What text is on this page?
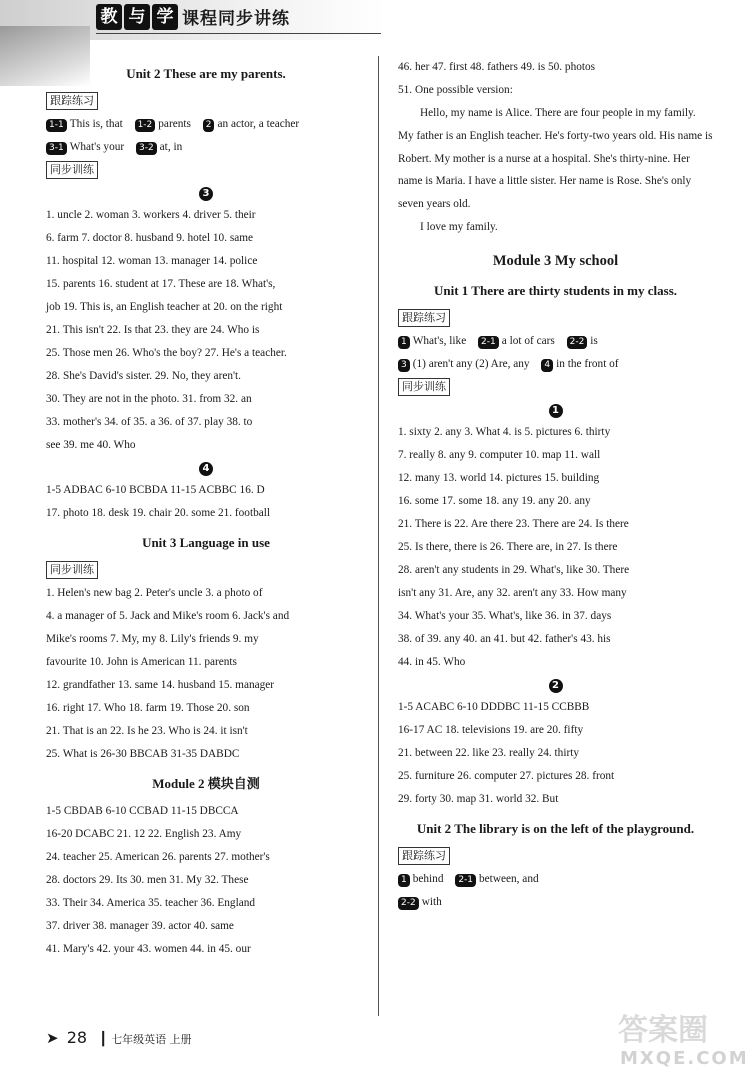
教 与 学 课程同步讲练
Unit 2 These are my parents.
跟踪练习
1-1 This is, that 1-2 parents 2 an actor, a teacher
3-1 What's your 3-2 at, in
同步训练
3
1. uncle 2. woman 3. workers 4. driver 5. their
6. farm 7. doctor 8. husband 9. hotel 10. same
11. hospital 12. woman 13. manager 14. police
15. parents 16. student at 17. These are 18. What's,
job 19. This is, an English teacher at 20. on the right
21. This isn't 22. Is that 23. they are 24. Who is
25. Those men 26. Who's the boy? 27. He's a teacher.
28. She's David's sister. 29. No, they aren't.
30. They are not in the photo. 31. from 32. an
33. mother's 34. of 35. a 36. of 37. play 38. to
see 39. me 40. Who
4
1-5 ADBAC 6-10 BCBDA 11-15 ACBBC 16. D
17. photo 18. desk 19. chair 20. some 21. football
Unit 3 Language in use
同步训练
1. Helen's new bag 2. Peter's uncle 3. a photo of
4. a manager of 5. Jack and Mike's room 6. Jack's and
Mike's rooms 7. My, my 8. Lily's friends 9. my
favourite 10. John is American 11. parents
12. grandfather 13. same 14. husband 15. manager
16. right 17. Who 18. farm 19. Those 20. son
21. That is an 22. Is he 23. Who is 24. it isn't
25. What is 26-30 BBCAB 31-35 DABDC
Module 2 模块自测
1-5 CBDAB 6-10 CCBAD 11-15 DBCCA
16-20 DCABC 21. 12 22. English 23. Amy
24. teacher 25. American 26. parents 27. mother's
28. doctors 29. Its 30. men 31. My 32. These
33. Their 34. America 35. teacher 36. England
37. driver 38. manager 39. actor 40. same
41. Mary's 42. your 43. women 44. in 45. our
46. her 47. first 48. fathers 49. is 50. photos
51. One possible version:
Hello, my name is Alice. There are four people in my family. My father is an English teacher. He's forty-two years old. His name is Robert. My mother is a nurse at a hospital. She's thirty-nine. Her name is Maria. I have a little sister. Her name is Rose. She's only seven years old.
I love my family.
Module 3 My school
Unit 1 There are thirty students in my class.
跟踪练习
1 What's, like 2-1 a lot of cars 2-2 is
3 (1) aren't any (2) Are, any 4 in the front of
同步训练
1
1. sixty 2. any 3. What 4. is 5. pictures 6. thirty
7. really 8. any 9. computer 10. map 11. wall
12. many 13. world 14. pictures 15. building
16. some 17. some 18. any 19. any 20. any
21. There is 22. Are there 23. There are 24. Is there
25. Is there, there is 26. There are, in 27. Is there
28. aren't any students in 29. What's, like 30. There
isn't any 31. Are, any 32. aren't any 33. How many
34. What's your 35. What's, like 36. in 37. days
38. of 39. any 40. an 41. but 42. father's 43. his
44. in 45. Who
2
1-5 ACABC 6-10 DDDBC 11-15 CCBBB
16-17 AC 18. televisions 19. are 20. fifty
21. between 22. like 23. really 24. thirty
25. furniture 26. computer 27. pictures 28. front
29. forty 30. map 31. world 32. But
Unit 2 The library is on the left of the playground.
跟踪练习
1 behind 2-1 between, and
2-2 with
➤ 28 ┃ 七年级英语 上册	答案圈
MXQE.COM
